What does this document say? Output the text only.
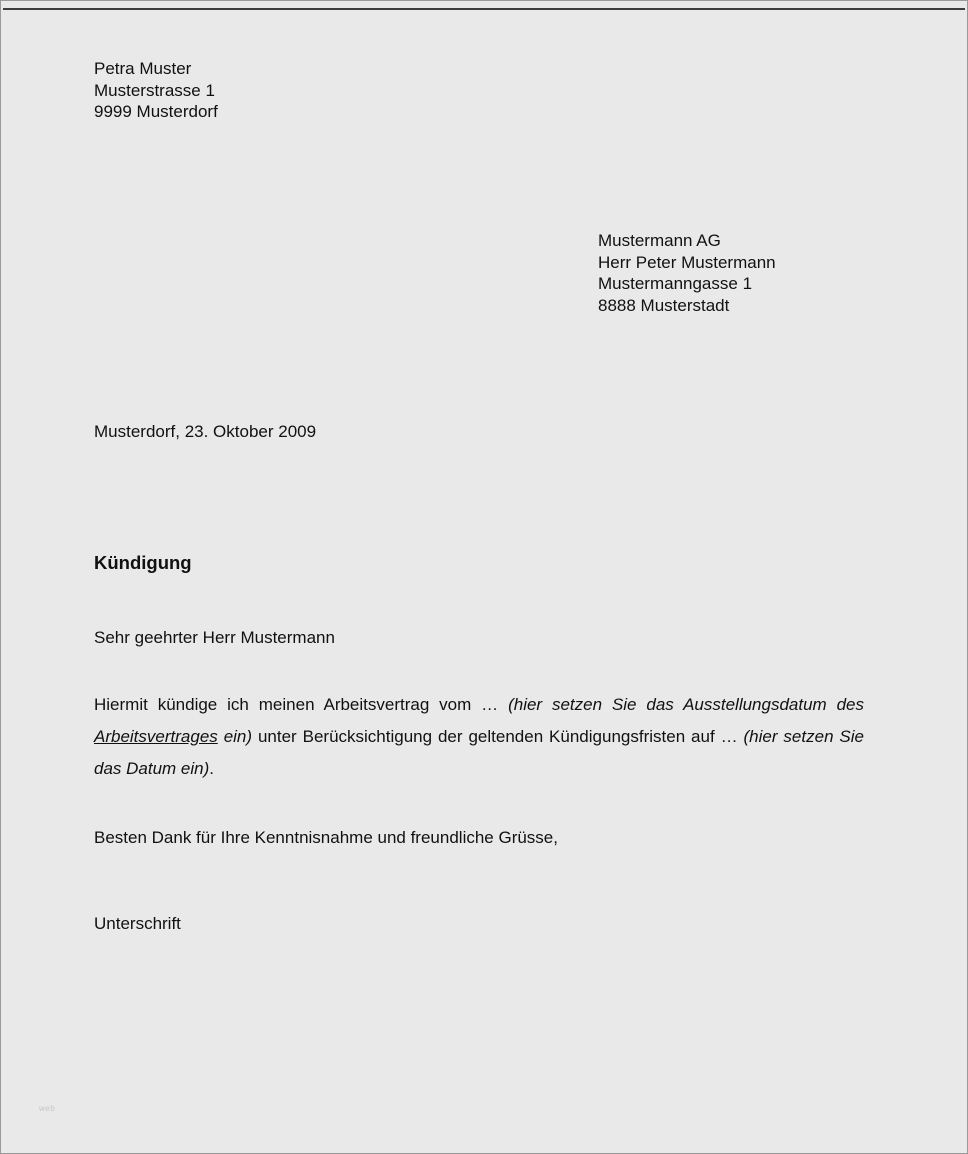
Petra Muster
Musterstrasse 1
9999 Musterdorf
Mustermann AG
Herr Peter Mustermann
Mustermanngasse 1
8888 Musterstadt
Musterdorf, 23. Oktober 2009
Kündigung
Sehr geehrter Herr Mustermann

Hiermit kündige ich meinen Arbeitsvertrag vom … (hier setzen Sie das Ausstellungsdatum des Arbeitsvertrages ein) unter Berücksichtigung der geltenden Kündigungsfristen auf … (hier setzen Sie das Datum ein).

Besten Dank für Ihre Kenntnisnahme und freundliche Grüsse,
Unterschrift
web
